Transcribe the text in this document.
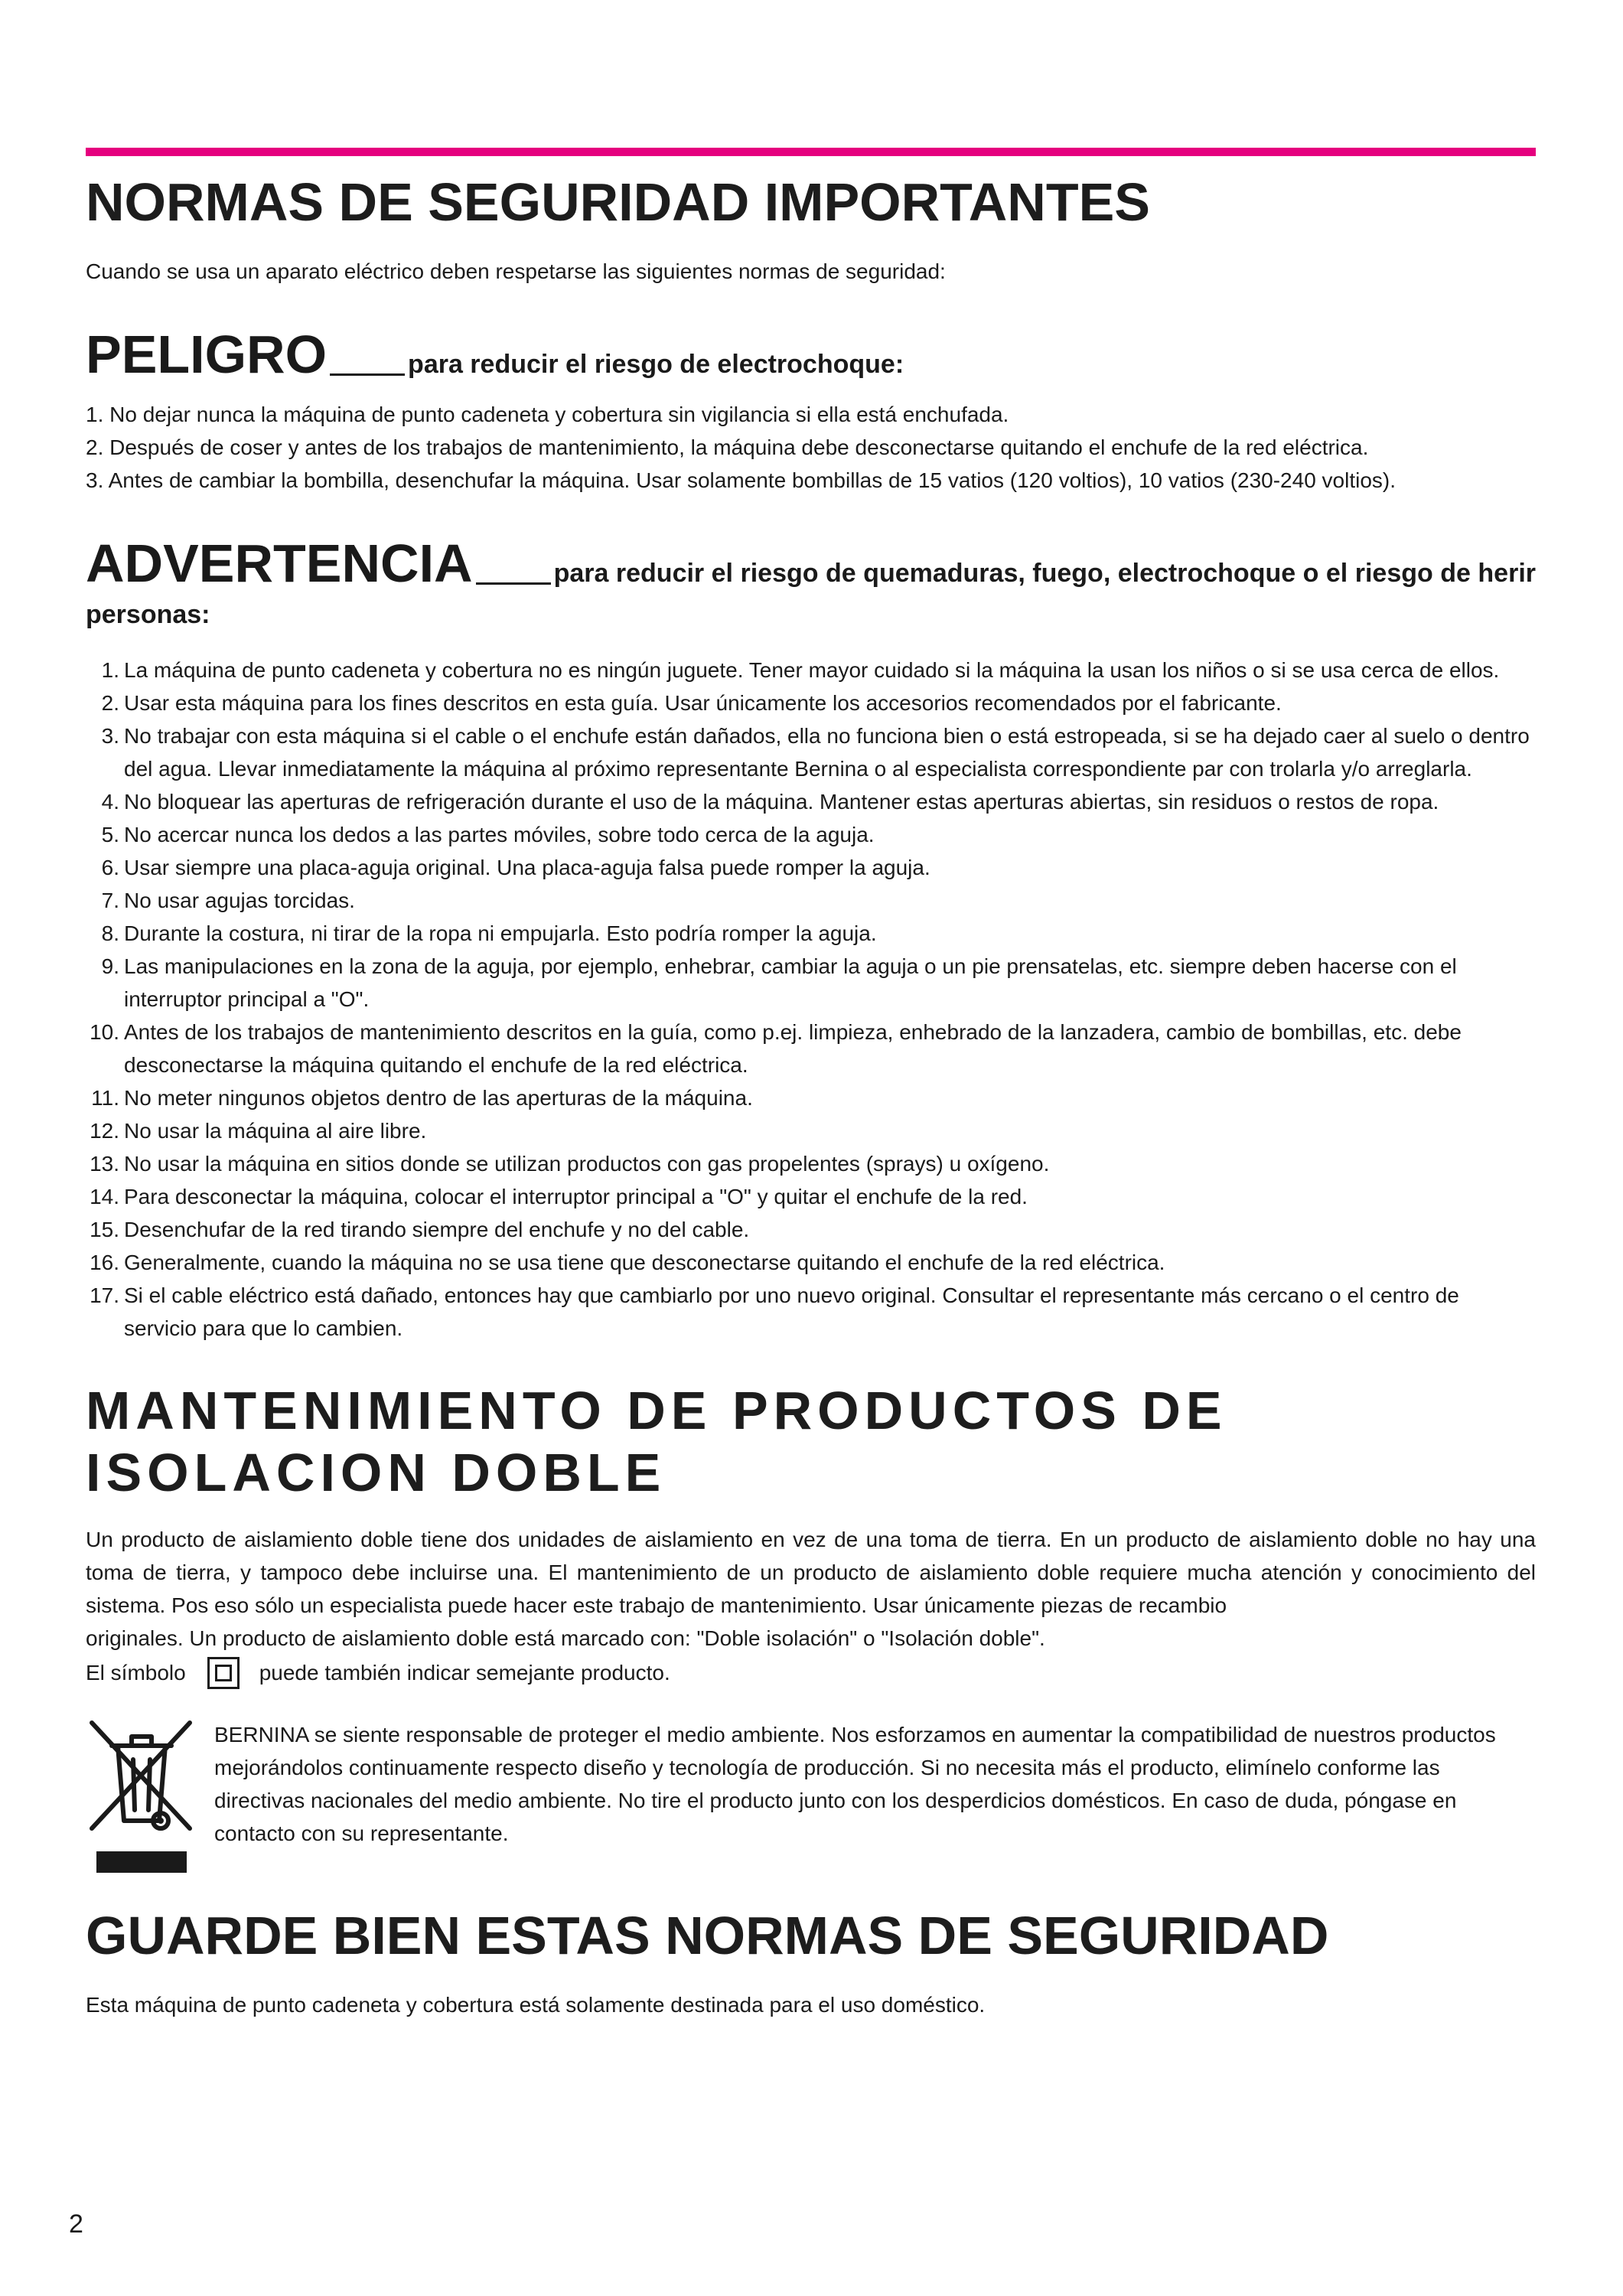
NORMAS DE SEGURIDAD IMPORTANTES

Cuando se usa un aparato eléctrico deben respetarse las siguientes normas de seguridad:

PELIGRO	para reducir el riesgo de electrochoque:
1. No dejar nunca la máquina de punto cadeneta y cobertura sin vigilancia si ella está enchufada.
2. Después de coser y antes de los trabajos de mantenimiento, la máquina debe desconectarse quitando el enchufe de la red eléctrica.
3. Antes de cambiar la bombilla, desenchufar la máquina. Usar solamente bombillas de 15 vatios (120 voltios), 10 vatios (230-240 voltios).
ADVERTENCIA	para reducir el riesgo de quemaduras, fuego, electrochoque o el riesgo de herir personas:
1. La máquina de punto cadeneta y cobertura no es ningún juguete. Tener mayor cuidado si la máquina la usan los niños o si se usa cerca de ellos.
2. Usar esta máquina para los fines descritos en esta guía. Usar únicamente los accesorios recomendados por el fabricante.
3. No trabajar con esta máquina si el cable o el enchufe están dañados, ella no funciona bien o está estropeada, si se ha dejado caer al suelo o dentro del agua. Llevar inmediatamente la máquina al próximo representante Bernina o al especialista correspondiente par con trolarla y/o arreglarla.
4. No bloquear las aperturas de refrigeración durante el uso de la máquina. Mantener estas aperturas abiertas, sin residuos o restos de ropa.
5. No acercar nunca los dedos a las partes móviles, sobre todo cerca de la aguja.
6. Usar siempre una placa-aguja original. Una placa-aguja falsa puede romper la aguja.
7. No usar agujas torcidas.
8. Durante la costura, ni tirar de la ropa ni empujarla. Esto podría romper la aguja.
9. Las manipulaciones en la zona de la aguja, por ejemplo, enhebrar, cambiar la aguja o un pie prensatelas, etc. siempre deben hacerse con el interruptor principal a "O".
10. Antes de los trabajos de mantenimiento descritos en la guía, como p.ej. limpieza, enhebrado de la lanzadera, cambio de bombillas, etc. debe desconectarse la máquina quitando el enchufe de la red eléctrica.
11. No meter ningunos objetos dentro de las aperturas de la máquina.
12. No usar la máquina al aire libre.
13. No usar la máquina en sitios donde se utilizan productos con gas propelentes (sprays) u oxígeno.
14. Para desconectar la máquina, colocar el interruptor principal a "O" y quitar el enchufe de la red.
15. Desenchufar de la red tirando siempre del enchufe y no del cable.
16. Generalmente, cuando la máquina no se usa tiene que desconectarse quitando el enchufe de la red eléctrica.
17. Si el cable eléctrico está dañado, entonces hay que cambiarlo por uno nuevo original. Consultar el representante más cercano o el centro de servicio para que lo cambien.
MANTENIMIENTO DE PRODUCTOS DE ISOLACION DOBLE

Un producto de aislamiento doble tiene dos unidades de aislamiento en vez de una toma de tierra. En un producto de aislamiento doble no hay una toma de tierra, y tampoco debe incluirse una. El mantenimiento de un producto de aislamiento doble requiere mucha atención y conocimiento del sistema. Pos eso sólo un especialista puede hacer este trabajo de mantenimiento. Usar únicamente piezas de recambio

originales. Un producto de aislamiento doble está marcado con: "Doble isolación" o "Isolación doble".

El símbolo	puede también indicar semejante producto.

BERNINA se siente responsable de proteger el medio ambiente. Nos esforzamos en aumentar la compatibilidad de nuestros productos mejorándolos continuamente respecto diseño y tecnología de producción. Si no necesita más el producto, elimínelo conforme las directivas nacionales del medio ambiente. No tire el producto junto con los desperdicios domésticos. En caso de duda, póngase en contacto con su representante.

GUARDE BIEN ESTAS NORMAS DE SEGURIDAD

Esta máquina de punto cadeneta y cobertura está solamente destinada para el uso doméstico.

2
